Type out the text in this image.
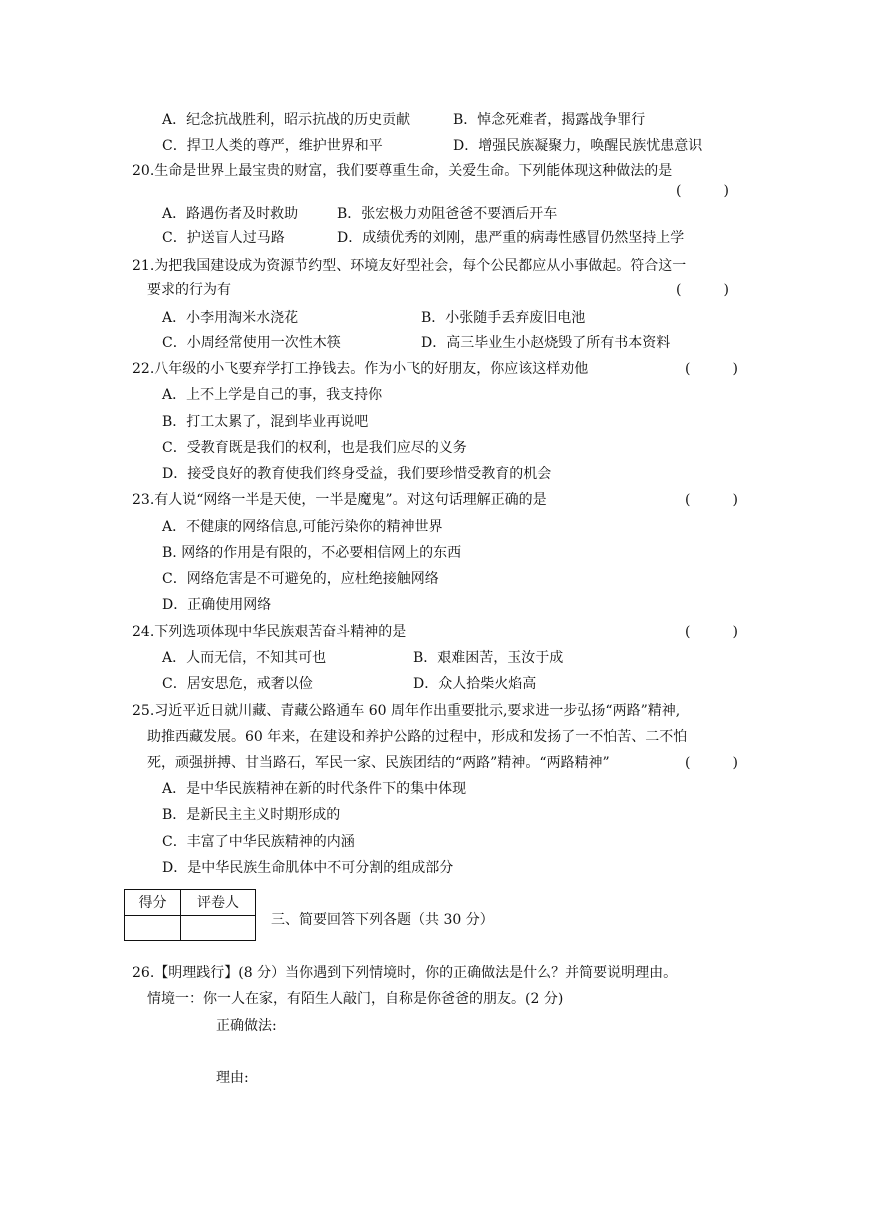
A．纪念抗战胜利，昭示抗战的历史贡献	B．悼念死难者，揭露战争罪行
C．捍卫人类的尊严，维护世界和平	D．增强民族凝聚力，唤醒民族忧患意识
20.生命是世界上最宝贵的财富，我们要尊重生命，关爱生命。下列能体现这种做法的是
(　　　)
A．路遇伤者及时救助	B．张宏极力劝阻爸爸不要酒后开车
C．护送盲人过马路	D．成绩优秀的刘刚，患严重的病毒性感冒仍然坚持上学
21.为把我国建设成为资源节约型、环境友好型社会，每个公民都应从小事做起。符合这一
要求的行为有	(　　　)
A．小李用淘米水浇花	B．小张随手丢弃废旧电池
C．小周经常使用一次性木筷	D．高三毕业生小赵烧毁了所有书本资料
22.八年级的小飞要弃学打工挣钱去。作为小飞的好朋友，你应该这样劝他	(　　　)
A．上不上学是自己的事，我支持你
B．打工太累了，混到毕业再说吧
C．受教育既是我们的权利，也是我们应尽的义务
D．接受良好的教育使我们终身受益，我们要珍惜受教育的机会
23.有人说“网络一半是天使，一半是魔鬼”。对这句话理解正确的是	(　　　)
A．不健康的网络信息,可能污染你的精神世界
B. 网络的作用是有限的，不必要相信网上的东西
C．网络危害是不可避免的，应杜绝接触网络
D．正确使用网络
24.下列选项体现中华民族艰苦奋斗精神的是	(　　　)
A．人而无信，不知其可也	B．艰难困苦，玉汝于成
C．居安思危，戒奢以俭	D．众人拾柴火焰高
25.习近平近日就川藏、青藏公路通车 60 周年作出重要批示,要求进一步弘扬“两路”精神,
助推西藏发展。60 年来，在建设和养护公路的过程中，形成和发扬了一不怕苦、二不怕
死，顽强拼搏、甘当路石，军民一家、民族团结的“两路”精神。“两路精神”	(　　　)
A．是中华民族精神在新的时代条件下的集中体现
B．是新民主主义时期形成的
C．丰富了中华民族精神的内涵
D．是中华民族生命肌体中不可分割的组成部分
得分	评卷人

三、简要回答下列各题（共 30 分）
26.【明理践行】(8 分）当你遇到下列情境时，你的正确做法是什么？并简要说明理由。
情境一：你一人在家，有陌生人敲门，自称是你爸爸的朋友。(2 分)
正确做法:
理由:
